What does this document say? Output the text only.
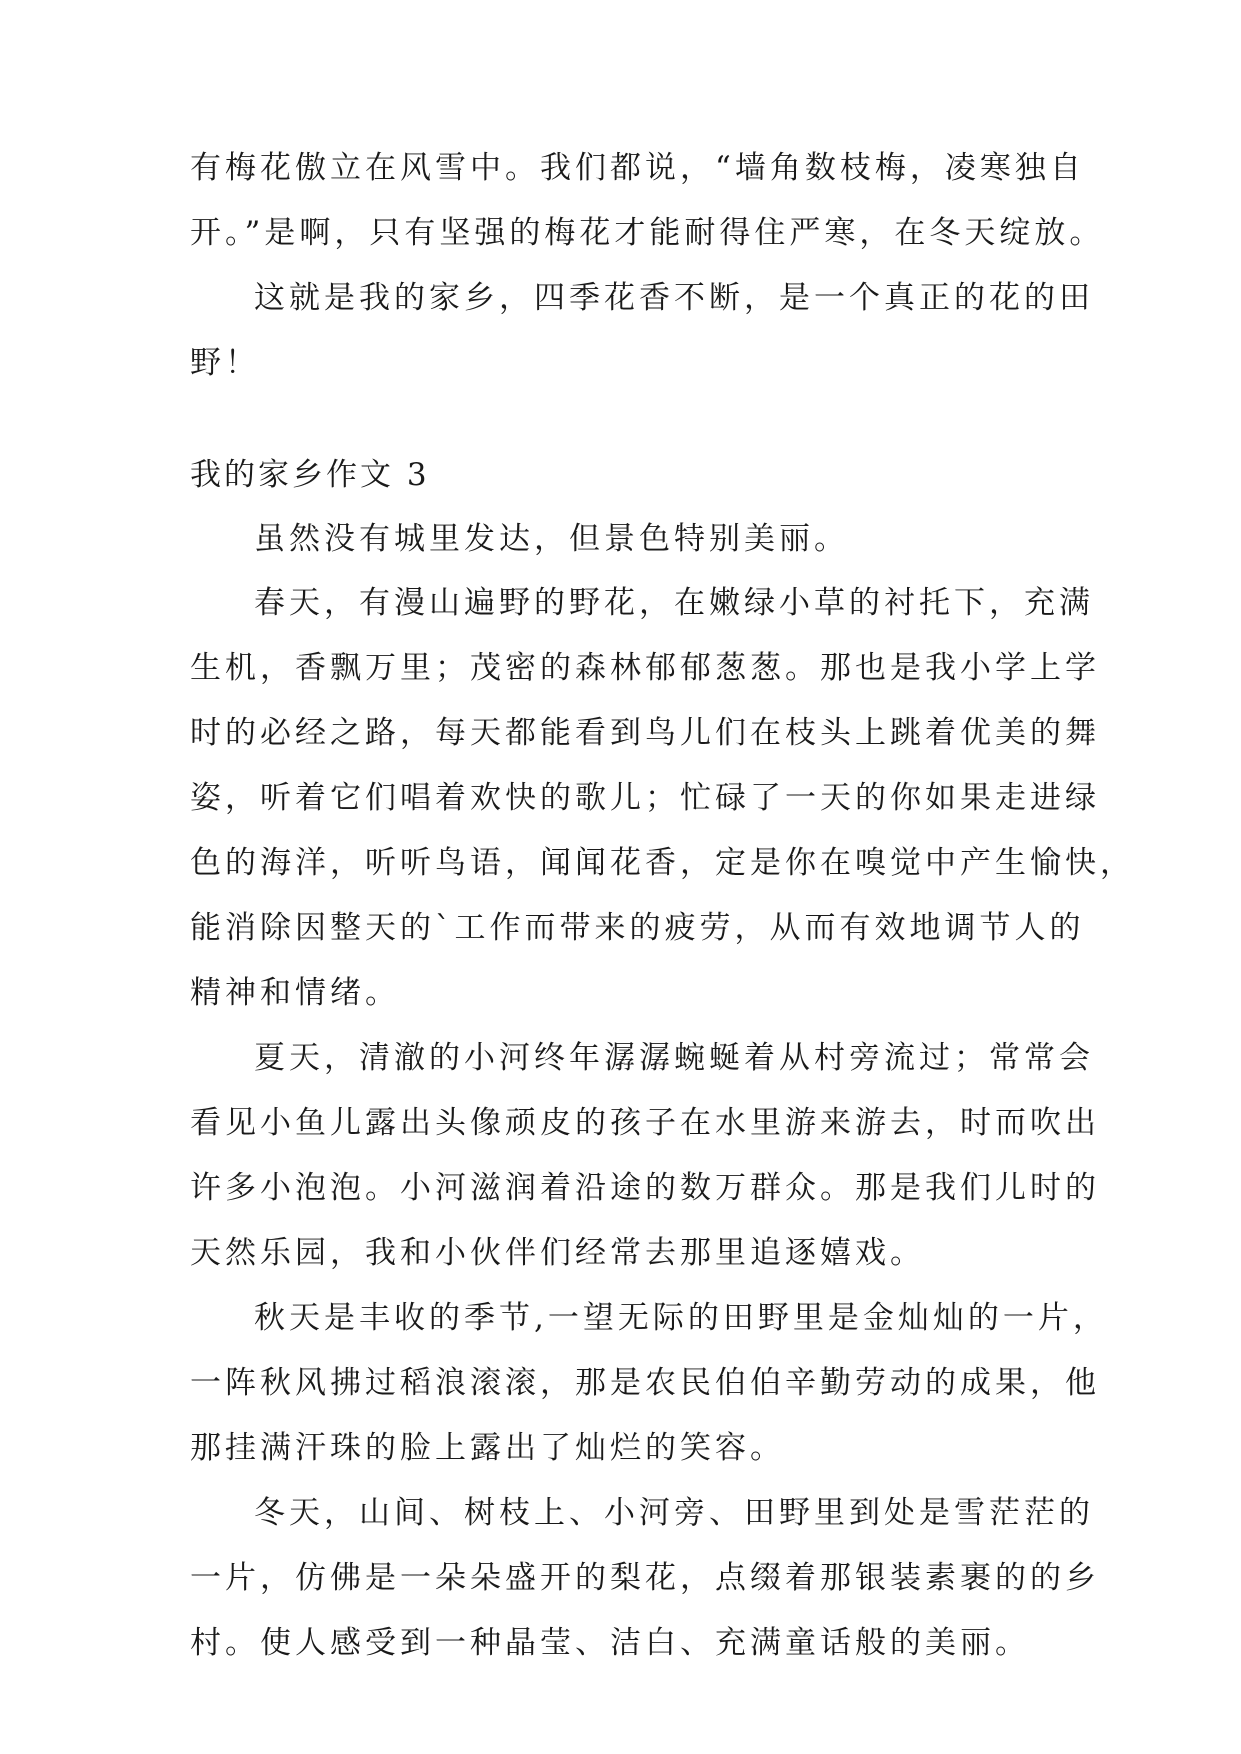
有梅花傲立在风雪中。我们都说，“墙角数枝梅，凌寒独自
开。”是啊，只有坚强的梅花才能耐得住严寒，在冬天绽放。
这就是我的家乡，四季花香不断，是一个真正的花的田
野！
我的家乡作文 3
虽然没有城里发达，但景色特别美丽。
春天，有漫山遍野的野花，在嫩绿小草的衬托下，充满
生机，香飘万里；茂密的森林郁郁葱葱。那也是我小学上学
时的必经之路，每天都能看到鸟儿们在枝头上跳着优美的舞
姿，听着它们唱着欢快的歌儿；忙碌了一天的你如果走进绿
色的海洋，听听鸟语，闻闻花香，定是你在嗅觉中产生愉快，
能消除因整天的`工作而带来的疲劳，从而有效地调节人的
精神和情绪。
夏天，清澈的小河终年潺潺蜿蜒着从村旁流过；常常会
看见小鱼儿露出头像顽皮的孩子在水里游来游去，时而吹出
许多小泡泡。小河滋润着沿途的数万群众。那是我们儿时的
天然乐园，我和小伙伴们经常去那里追逐嬉戏。
秋天是丰收的季节,一望无际的田野里是金灿灿的一片，
一阵秋风拂过稻浪滚滚，那是农民伯伯辛勤劳动的成果，他
那挂满汗珠的脸上露出了灿烂的笑容。
冬天，山间、树枝上、小河旁、田野里到处是雪茫茫的
一片，仿佛是一朵朵盛开的梨花，点缀着那银装素裹的的乡
村。使人感受到一种晶莹、洁白、充满童话般的美丽。
